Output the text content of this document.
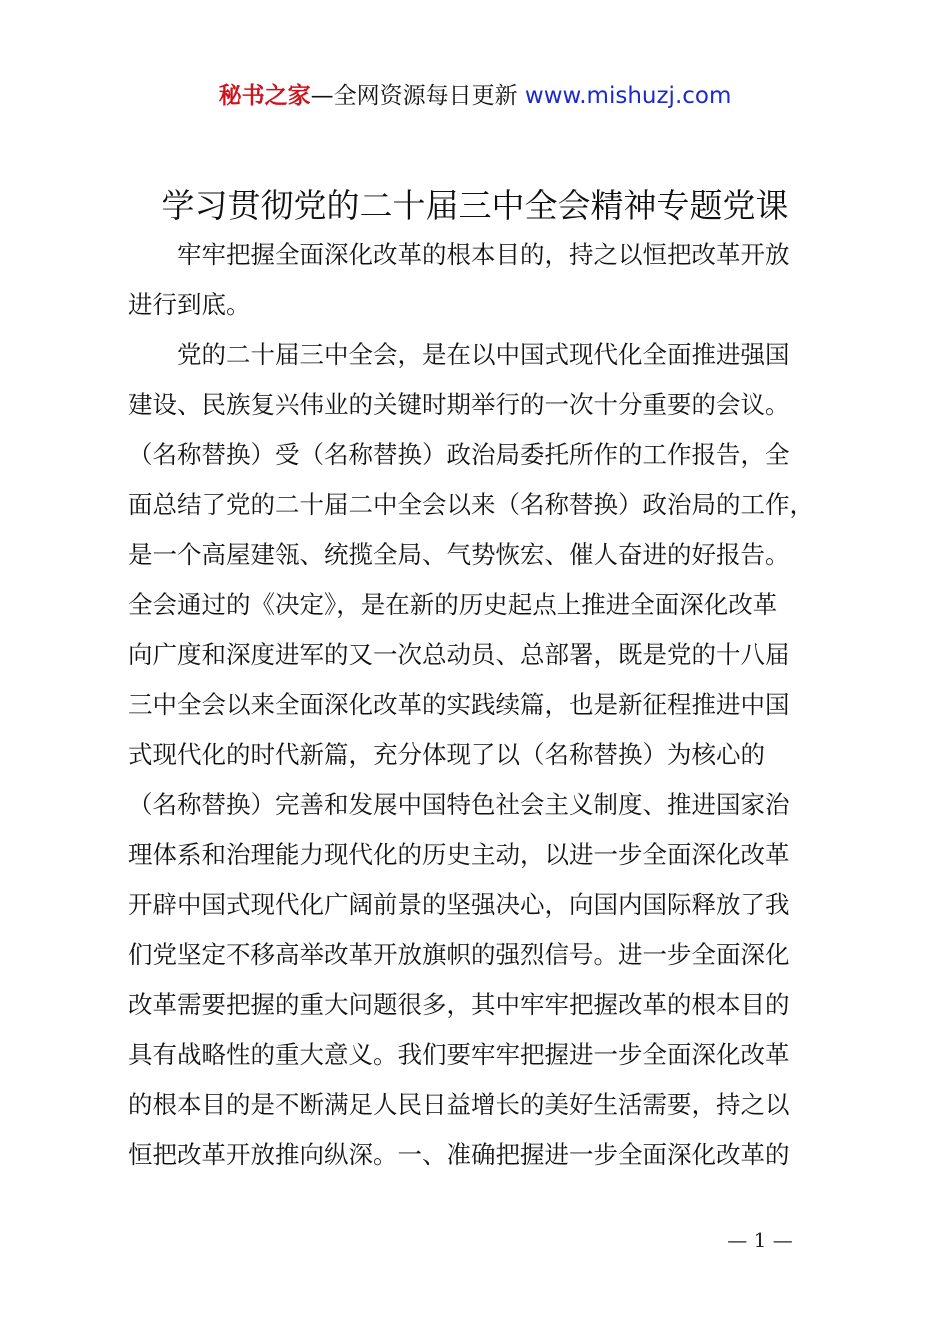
秘书之家—全网资源每日更新 www.mishuzj.com
学习贯彻党的二十届三中全会精神专题党课
　　牢牢把握全面深化改革的根本目的，持之以恒把改革开放
进行到底。
　　党的二十届三中全会，是在以中国式现代化全面推进强国
建设、民族复兴伟业的关键时期举行的一次十分重要的会议。
（名称替换）受（名称替换）政治局委托所作的工作报告，全
面总结了党的二十届二中全会以来（名称替换）政治局的工作，
是一个高屋建瓴、统揽全局、气势恢宏、催人奋进的好报告。
全会通过的《决定》，是在新的历史起点上推进全面深化改革
向广度和深度进军的又一次总动员、总部署，既是党的十八届
三中全会以来全面深化改革的实践续篇，也是新征程推进中国
式现代化的时代新篇，充分体现了以（名称替换）为核心的
（名称替换）完善和发展中国特色社会主义制度、推进国家治
理体系和治理能力现代化的历史主动，以进一步全面深化改革
开辟中国式现代化广阔前景的坚强决心，向国内国际释放了我
们党坚定不移高举改革开放旗帜的强烈信号。进一步全面深化
改革需要把握的重大问题很多，其中牢牢把握改革的根本目的
具有战略性的重大意义。我们要牢牢把握进一步全面深化改革
的根本目的是不断满足人民日益增长的美好生活需要，持之以
恒把改革开放推向纵深。一、准确把握进一步全面深化改革的
— 1 —
